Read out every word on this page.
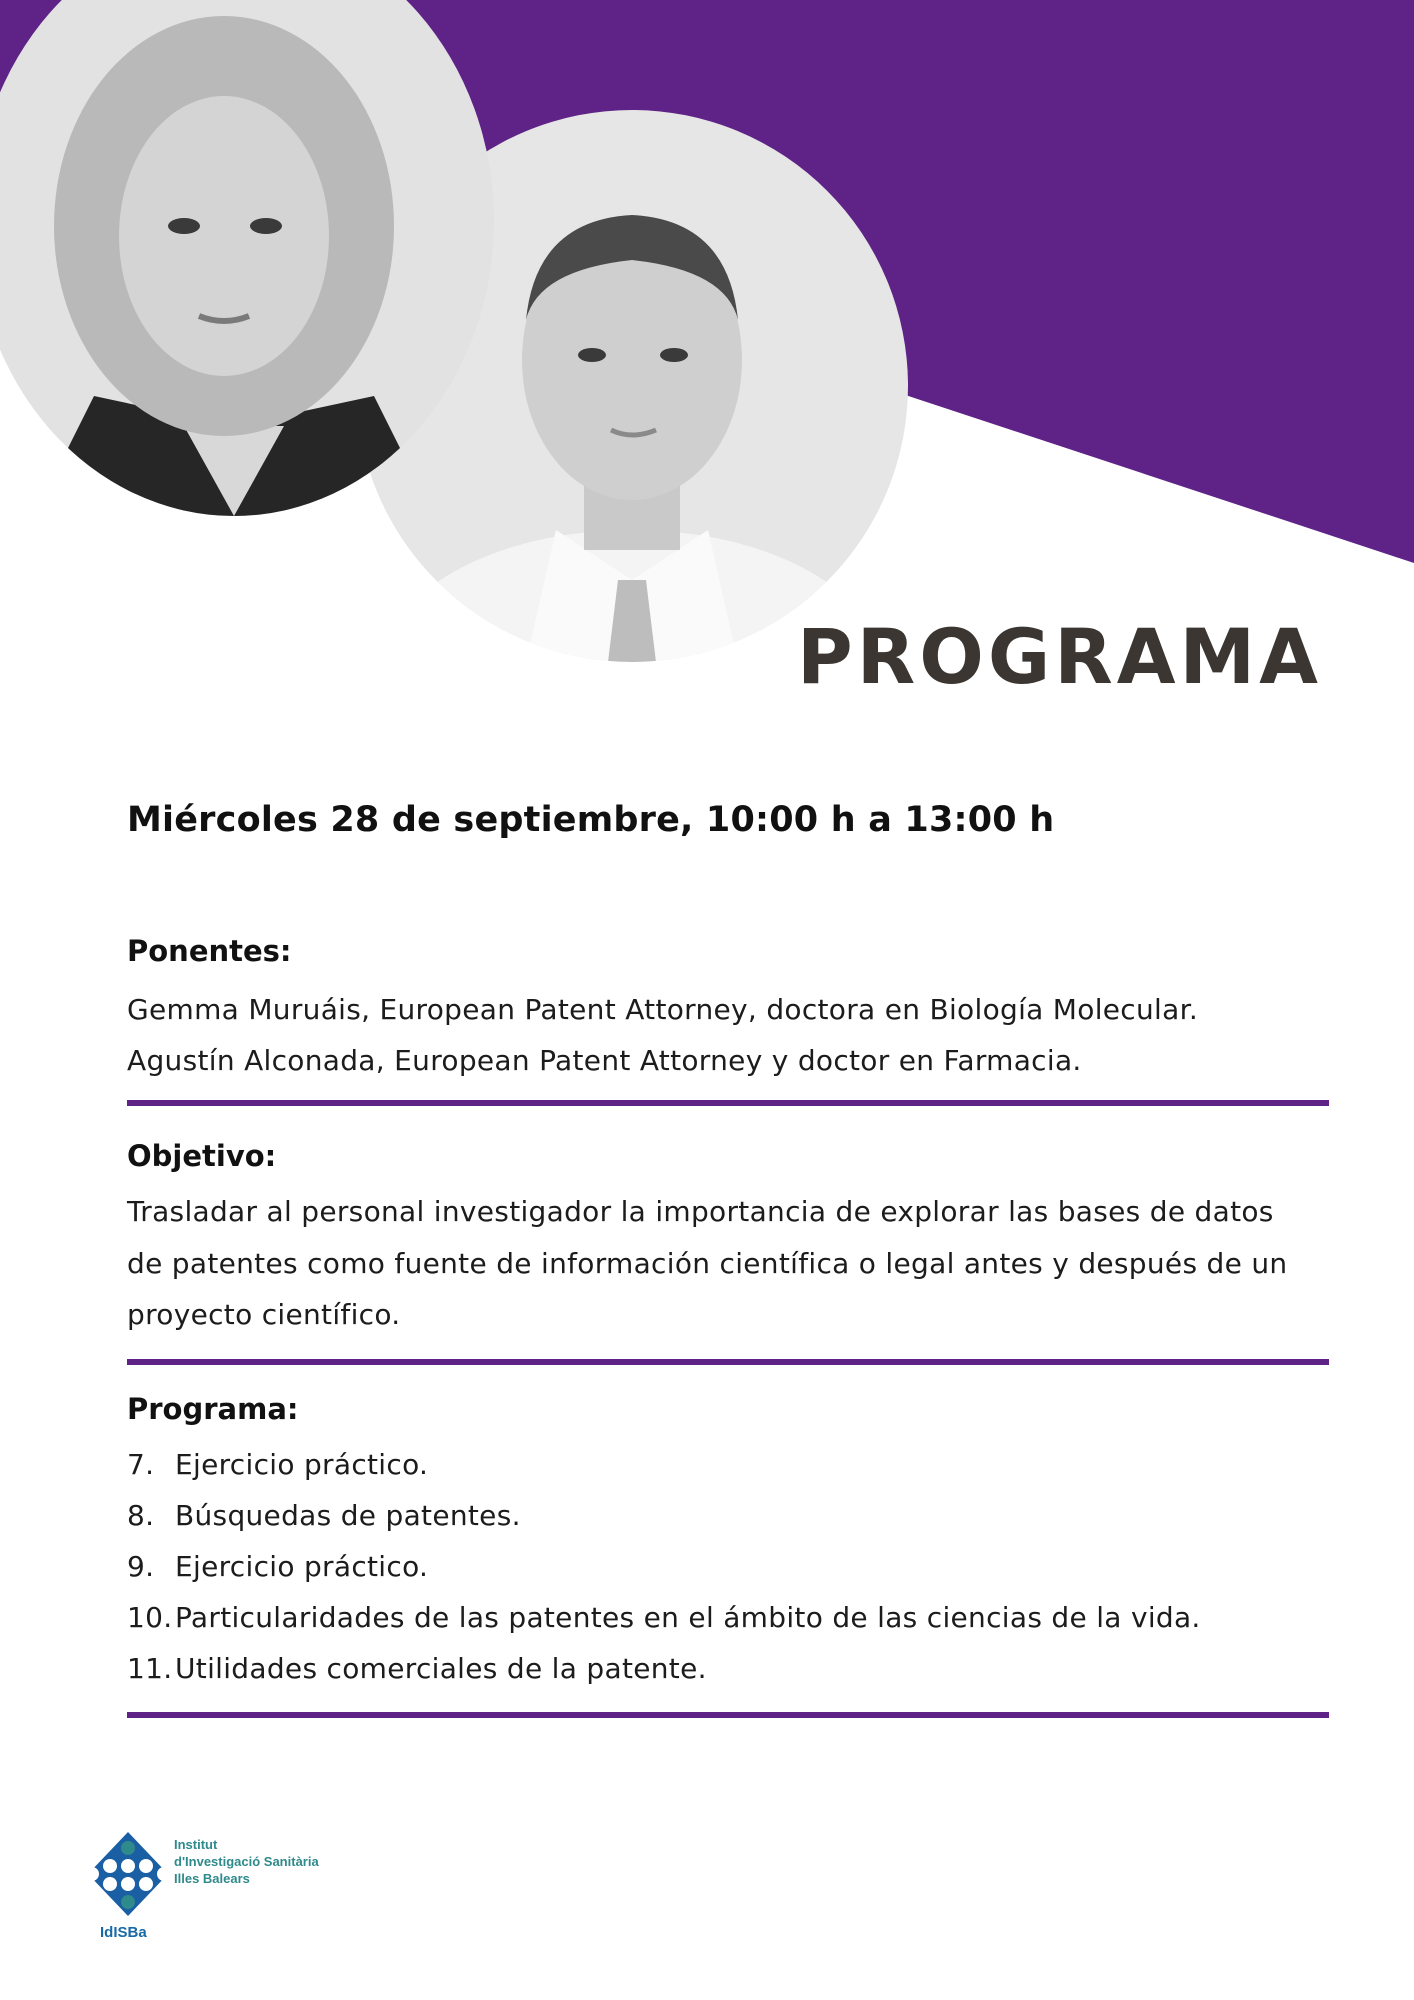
PROGRAMA

Miércoles 28 de septiembre, 10:00 h a 13:00 h

Ponentes:

Gemma Muruáis, European Patent Attorney, doctora en Biología Molecular.

Agustín Alconada, European Patent Attorney y doctor en Farmacia.

Objetivo:

Trasladar al personal investigador la importancia de explorar las bases de datos

de patentes como fuente de información científica o legal antes y después de un

proyecto científico.

Programa:

7. Ejercicio práctico.

8. Búsquedas de patentes.

9. Ejercicio práctico.

10.Particularidades de las patentes en el ámbito de las ciencias de la vida.

11.Utilidades comerciales de la patente.

Institut
d'Investigació Sanitària
Illes Balears
IdISBa
